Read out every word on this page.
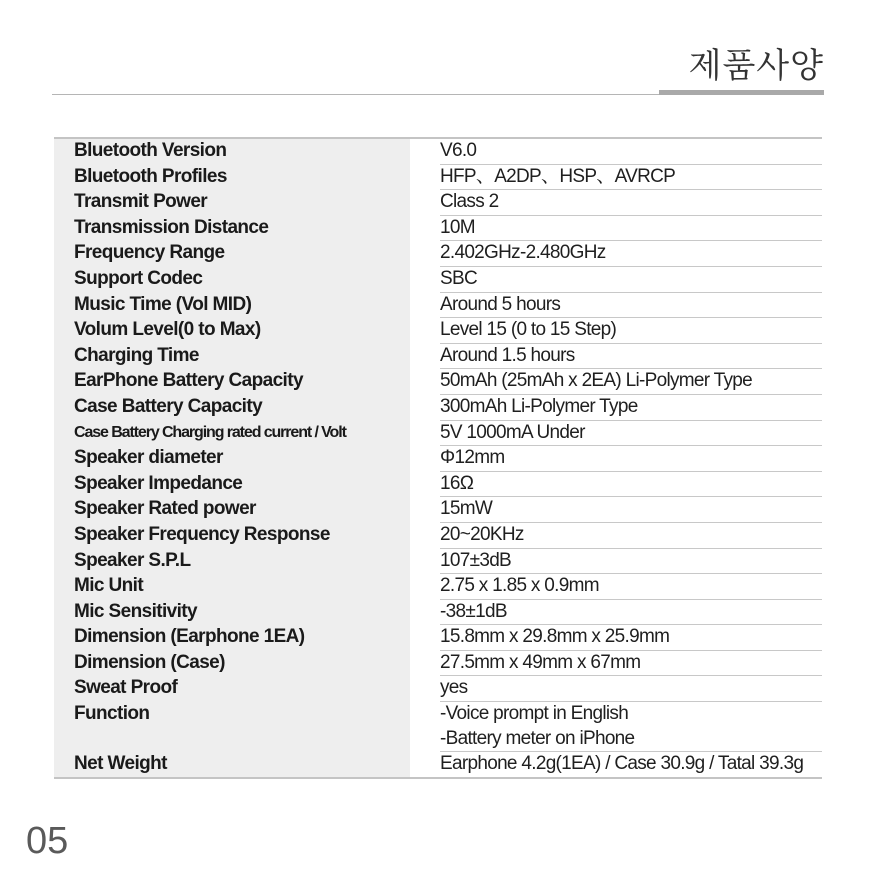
제품사양
Bluetooth Version	V6.0
Bluetooth Profiles	HFP、A2DP、HSP、AVRCP
Transmit Power	Class 2
Transmission Distance	10M
Frequency Range	2.402GHz-2.480GHz
Support Codec	SBC
Music Time (Vol MID)	Around 5 hours
Volum Level(0 to Max)	Level 15 (0 to 15 Step)
Charging Time	Around 1.5 hours
EarPhone Battery Capacity	50mAh (25mAh x 2EA) Li-Polymer Type
Case Battery Capacity	300mAh Li-Polymer Type
Case Battery Charging rated current / Volt	5V 1000mA Under
Speaker diameter	Φ12mm
Speaker Impedance	16Ω
Speaker Rated power	15mW
Speaker Frequency Response	20~20KHz
Speaker S.P.L	107±3dB
Mic Unit	2.75 x 1.85 x 0.9mm
Mic Sensitivity	-38±1dB
Dimension (Earphone 1EA)	15.8mm x 29.8mm x 25.9mm
Dimension (Case)	27.5mm x 49mm x 67mm
Sweat Proof	yes
Function	-Voice prompt in English
-Battery meter on iPhone
Net Weight	Earphone 4.2g(1EA) / Case 30.9g / Tatal 39.3g
05
